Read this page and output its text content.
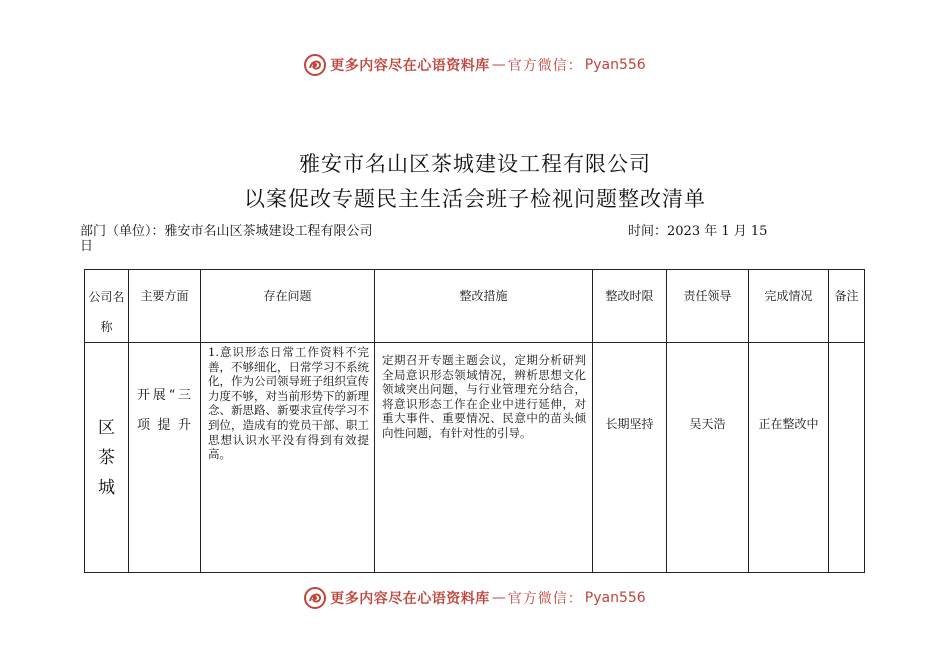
更多内容尽在心语资料库 — 官方微信： Pyan556
雅安市名山区茶城建设工程有限公司
以案促改专题民主生活会班子检视问题整改清单
部门（单位）：雅安市名山区茶城建设工程有限公司	时间：2023 年 1 月 15
日
公司名称	主要方面	存在问题	整改措施	整改时限	责任领导	完成情况	备注

区茶城	开展“三项提升	1.意识形态日常工作资料不完善，不够细化，日常学习不系统化，作为公司领导班子组织宣传力度不够，对当前形势下的新理念、新思路、新要求宣传学习不到位，造成有的党员干部、职工思想认识水平没有得到有效提高。	定期召开专题主题会议，定期分析研判全局意识形态领域情况，辨析思想文化领域突出问题，与行业管理充分结合，将意识形态工作在企业中进行延伸，对重大事件、重要情况、民意中的苗头倾向性问题，有针对性的引导。	长期坚持	吴天浩	正在整改中	
更多内容尽在心语资料库 — 官方微信： Pyan556
